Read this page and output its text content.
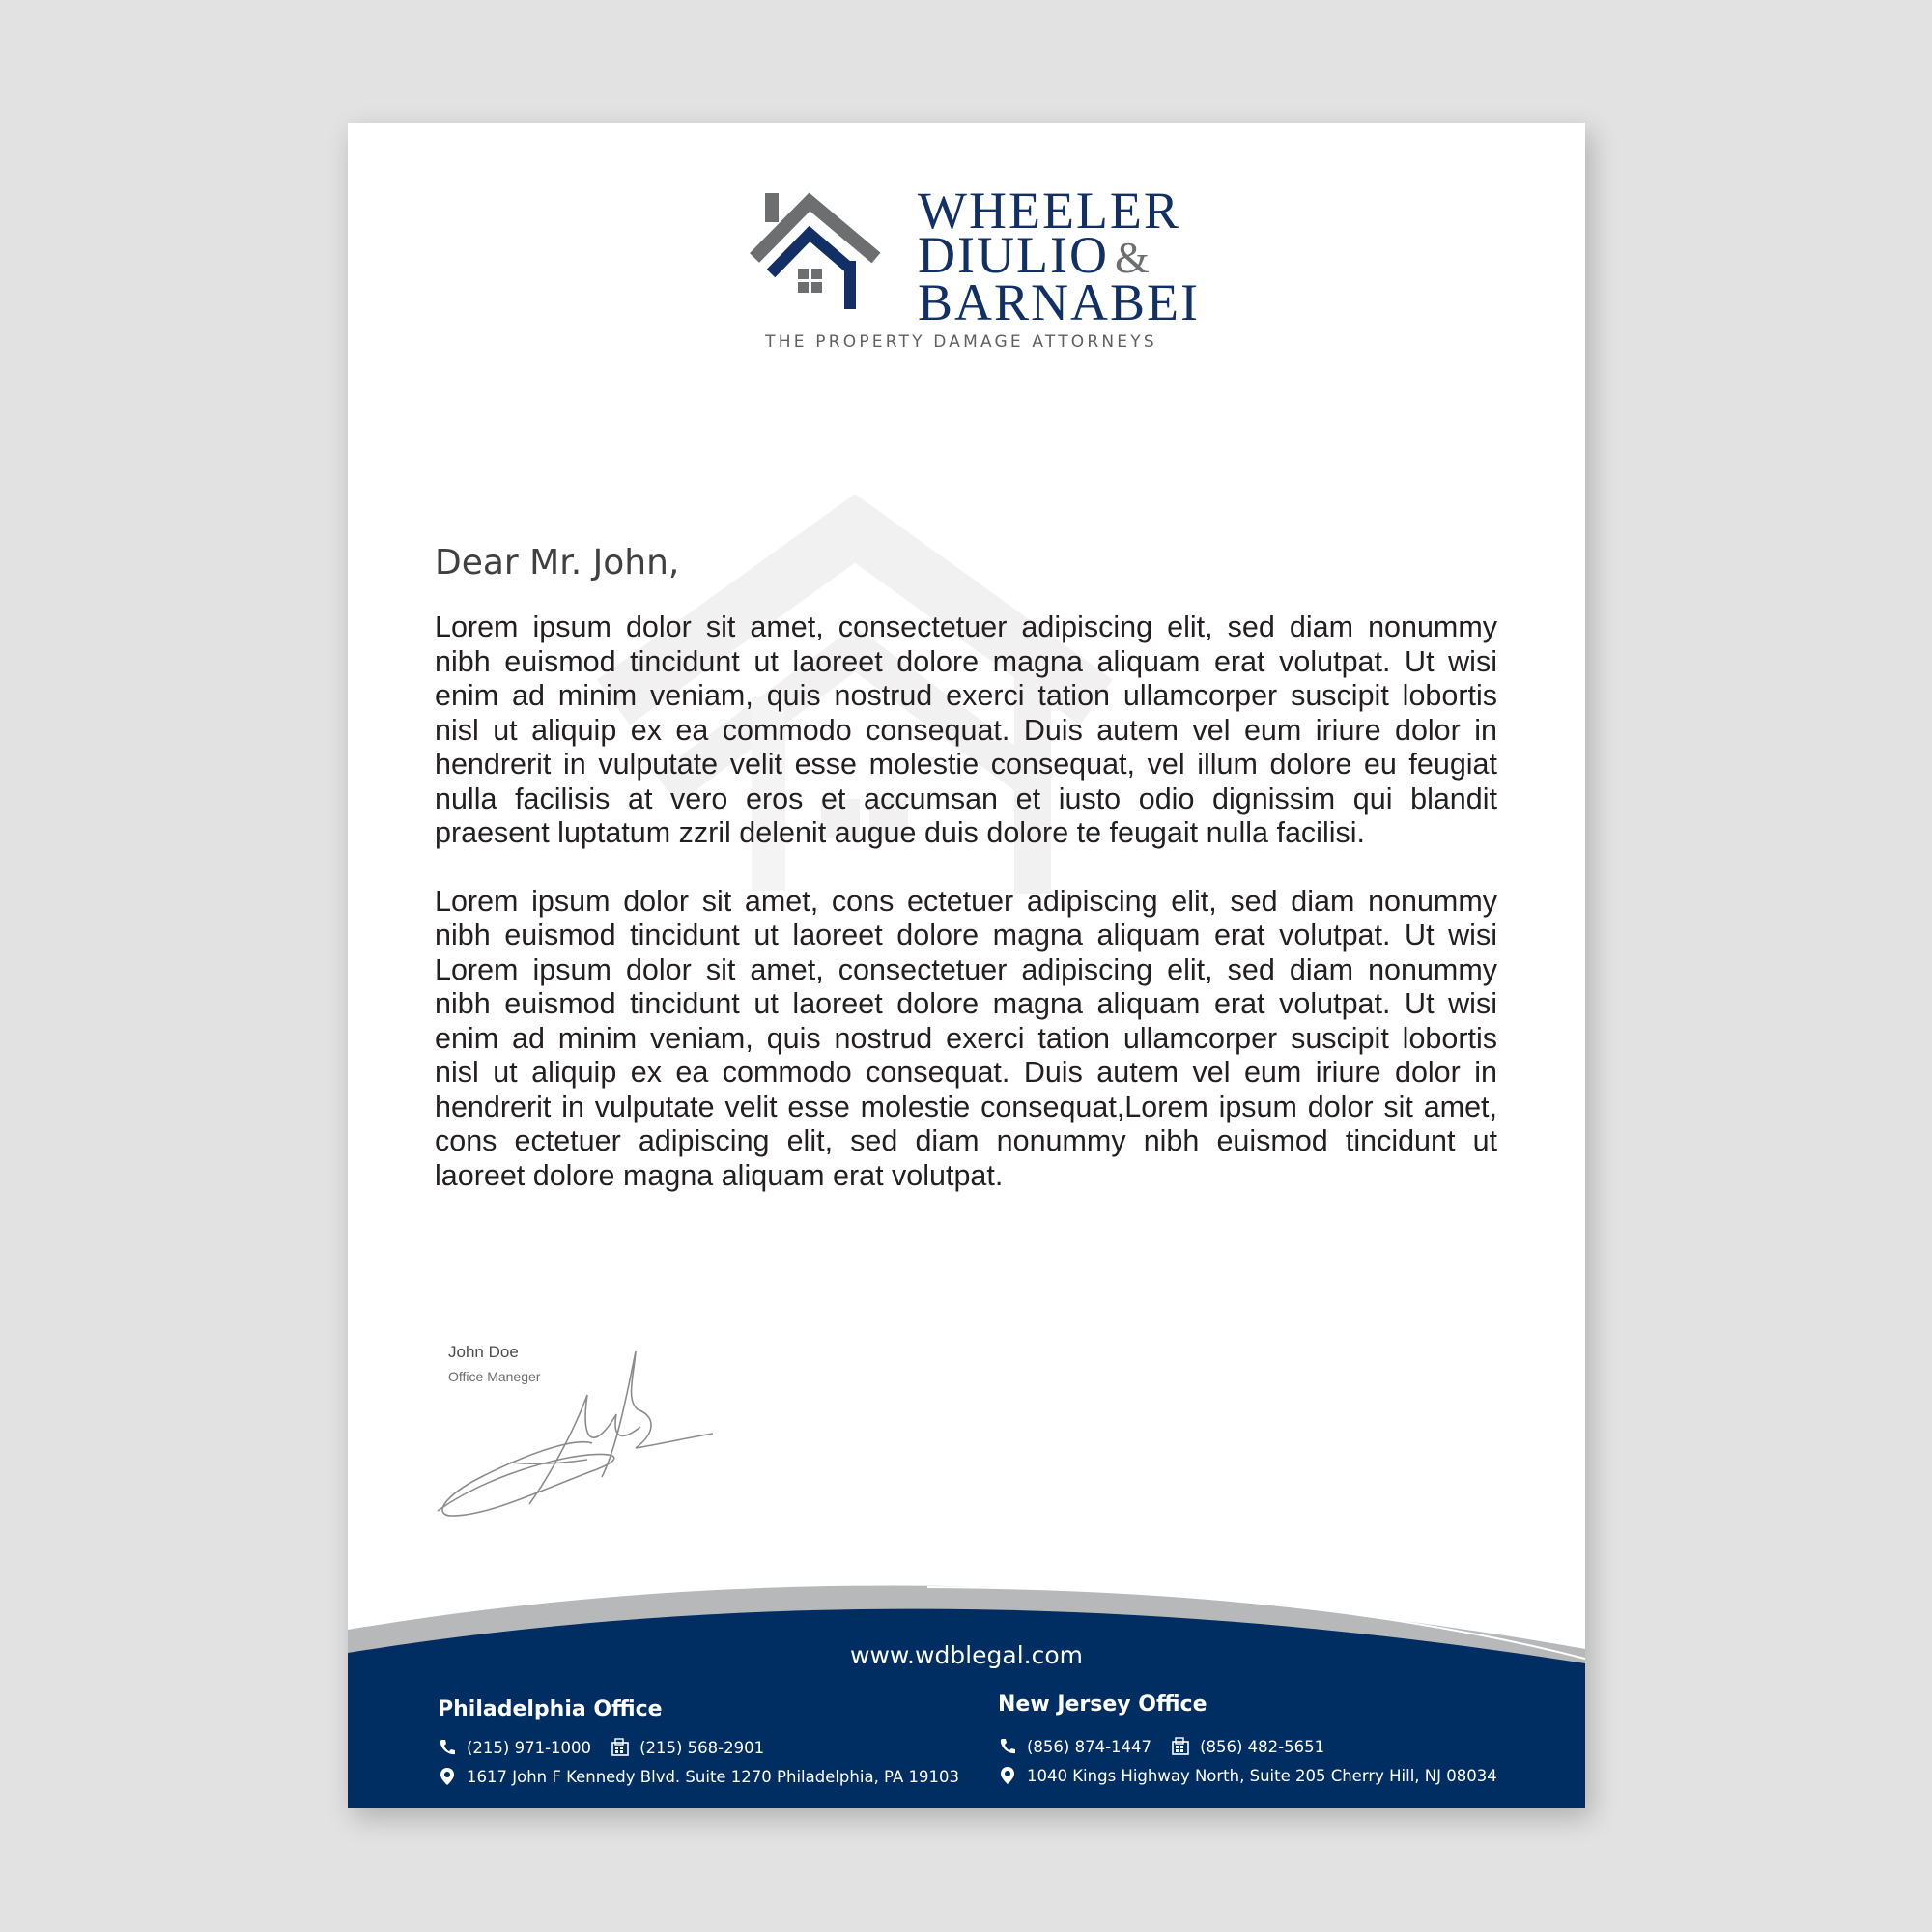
WHEELER
DIULIO &
BARNABEI
THE PROPERTY DAMAGE ATTORNEYS
Dear Mr. John,

Lorem ipsum dolor sit amet, consectetuer adipiscing elit, sed diam nonummy nibh euismod tincidunt ut laoreet dolore magna aliquam erat volutpat. Ut wisi enim ad minim veniam, quis nostrud exerci tation ullamcorper suscipit lobortis nisl ut aliquip ex ea commodo consequat. Duis autem vel eum iriure dolor in hendrerit in vulputate velit esse molestie consequat, vel illum dolore eu feugiat nulla facilisis at vero eros et accumsan et iusto odio dignissim qui blandit praesent luptatum zzril delenit augue duis dolore te feugait nulla facilisi.

Lorem ipsum dolor sit amet, cons ectetuer adipiscing elit, sed diam nonummy nibh euismod tincidunt ut laoreet dolore magna aliquam erat volutpat. Ut wisi Lorem ipsum dolor sit amet, consectetuer adipiscing elit, sed diam nonummy nibh euismod tincidunt ut laoreet dolore magna aliquam erat volutpat. Ut wisi enim ad minim veniam, quis nostrud exerci tation ullamcorper suscipit lobortis nisl ut aliquip ex ea commodo consequat. Duis autem vel eum iriure dolor in hendrerit in vulputate velit esse molestie consequat,Lorem ipsum dolor sit amet, cons ectetuer adipiscing elit, sed diam nonummy nibh euismod tincidunt ut laoreet dolore magna aliquam erat volutpat.

John Doe
Office Maneger
www.wdblegal.com
Philadelphia Office
(215) 971-1000	(215) 568-2901
1617 John F Kennedy Blvd. Suite 1270 Philadelphia, PA 19103
New Jersey Office
(856) 874-1447	(856) 482-5651
1040 Kings Highway North, Suite 205 Cherry Hill, NJ 08034
